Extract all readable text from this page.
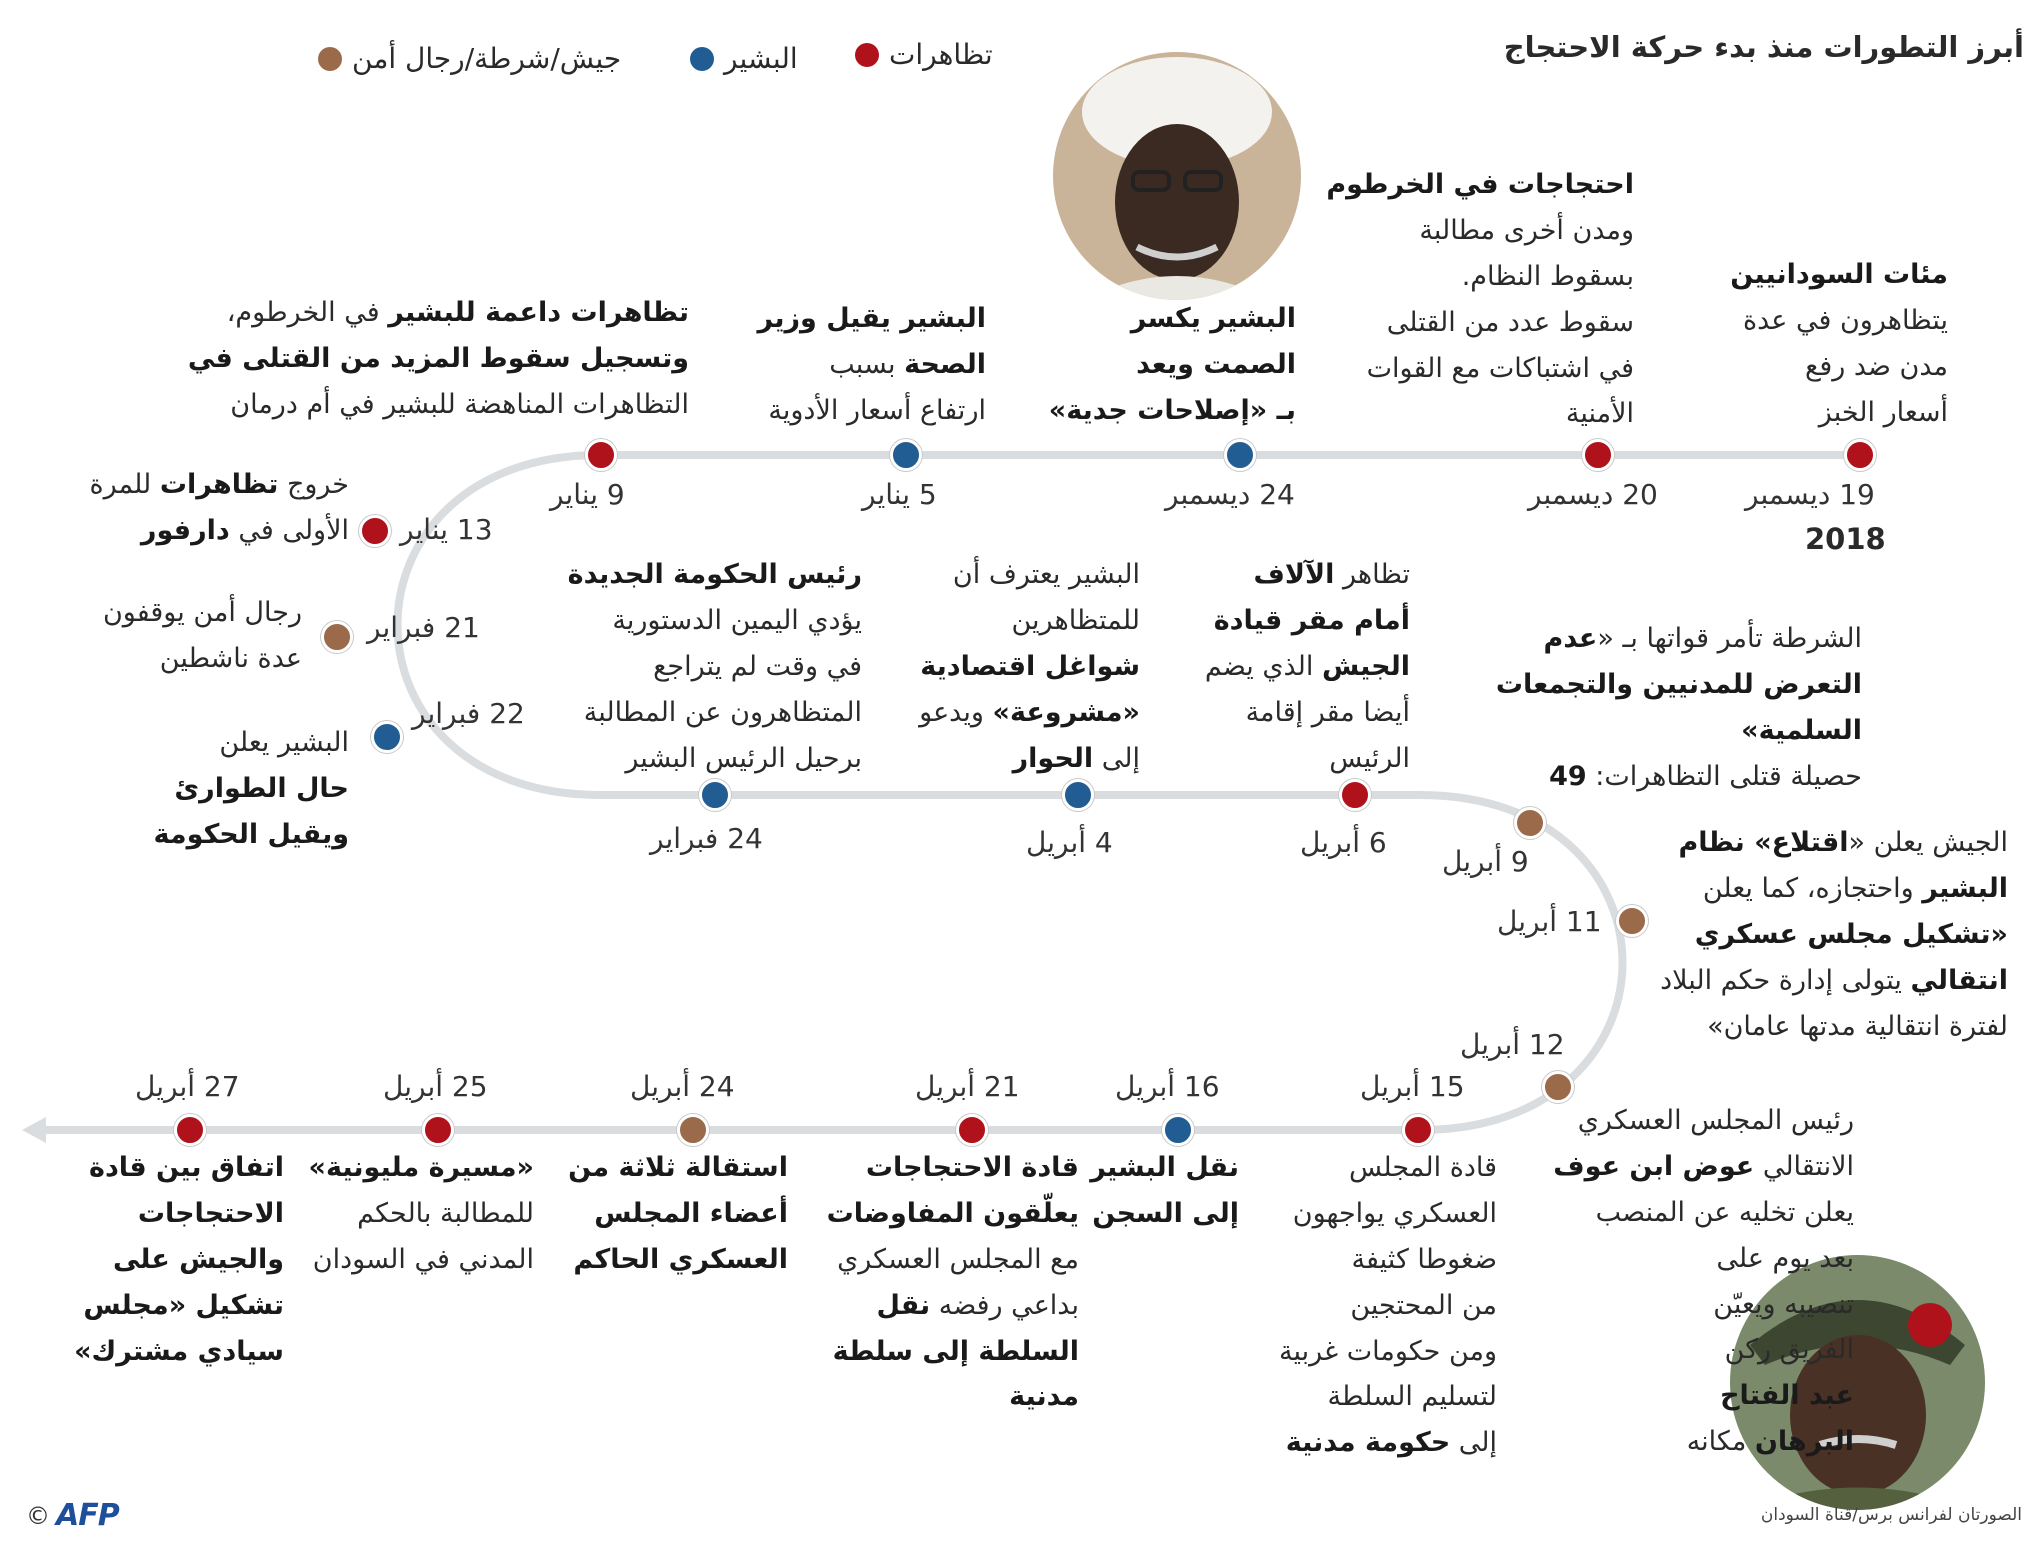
أبرز التطورات منذ بدء حركة الاحتجاج
تظاهرات
البشير
جيش/شرطة/رجال أمن
19 ديسمبر
2018
20 ديسمبر
24 ديسمبر
5 يناير
9 يناير
13 يناير
21 فبراير
22 فبراير
24 فبراير	4 أبريل	6 أبريل
9 أبريل
11 أبريل
12 أبريل
15 أبريل
16 أبريل
21 أبريل
24 أبريل
25 أبريل
27 أبريل
مئات السودانيين
يتظاهرون في عدة
مدن ضد رفع
أسعار الخبز
احتجاجات في الخرطوم
ومدن أخرى مطالبة
بسقوط النظام.
سقوط عدد من القتلى
في اشتباكات مع القوات
الأمنية
البشير يكسر
الصمت ويعد
بـ «إصلاحات جدية»
البشير يقيل وزير
الصحة بسبب
ارتفاع أسعار الأدوية
تظاهرات داعمة للبشير في الخرطوم،
وتسجيل سقوط المزيد من القتلى في
التظاهرات المناهضة للبشير في أم درمان
خروج تظاهرات للمرة
الأولى في دارفور
رجال أمن يوقفون
عدة ناشطين
البشير يعلن
حال الطوارئ
ويقيل الحكومة
رئيس الحكومة الجديدة
يؤدي اليمين الدستورية
في وقت لم يتراجع
المتظاهرون عن المطالبة
برحيل الرئيس البشير
البشير يعترف أن
للمتظاهرين
شواغل اقتصادية
«مشروعة» ويدعو
إلى الحوار
تظاهر الآلاف
أمام مقر قيادة
الجيش الذي يضم
أيضا مقر إقامة
الرئيس
الشرطة تأمر قواتها بـ «عدم
التعرض للمدنيين والتجمعات
السلمية»
حصيلة قتلى التظاهرات: 49
الجيش يعلن «اقتلاع» نظام
البشير واحتجازه، كما يعلن
«تشكيل مجلس عسكري
انتقالي يتولى إدارة حكم البلاد
لفترة انتقالية مدتها عامان»
رئيس المجلس العسكري
الانتقالي عوض ابن عوف
يعلن تخليه عن المنصب
بعد يوم على
تنصيبه ويعيّن
الفريق ركن
عبد الفتاح
البرهان مكانه
قادة المجلس
العسكري يواجهون
ضغوطا كثيفة
من المحتجين
ومن حكومات غربية
لتسليم السلطة
إلى حكومة مدنية
نقل البشير
إلى السجن
قادة الاحتجاجات
يعلّقون المفاوضات
مع المجلس العسكري
بداعي رفضه نقل
السلطة إلى سلطة
مدنية
استقالة ثلاثة من
أعضاء المجلس
العسكري الحاكم
«مسيرة مليونية»
للمطالبة بالحكم
المدني في السودان
اتفاق بين قادة
الاحتجاجات
والجيش على
تشكيل «مجلس
سيادي مشترك»
الصورتان لفرانس برس/قناة السودان
© AFP
